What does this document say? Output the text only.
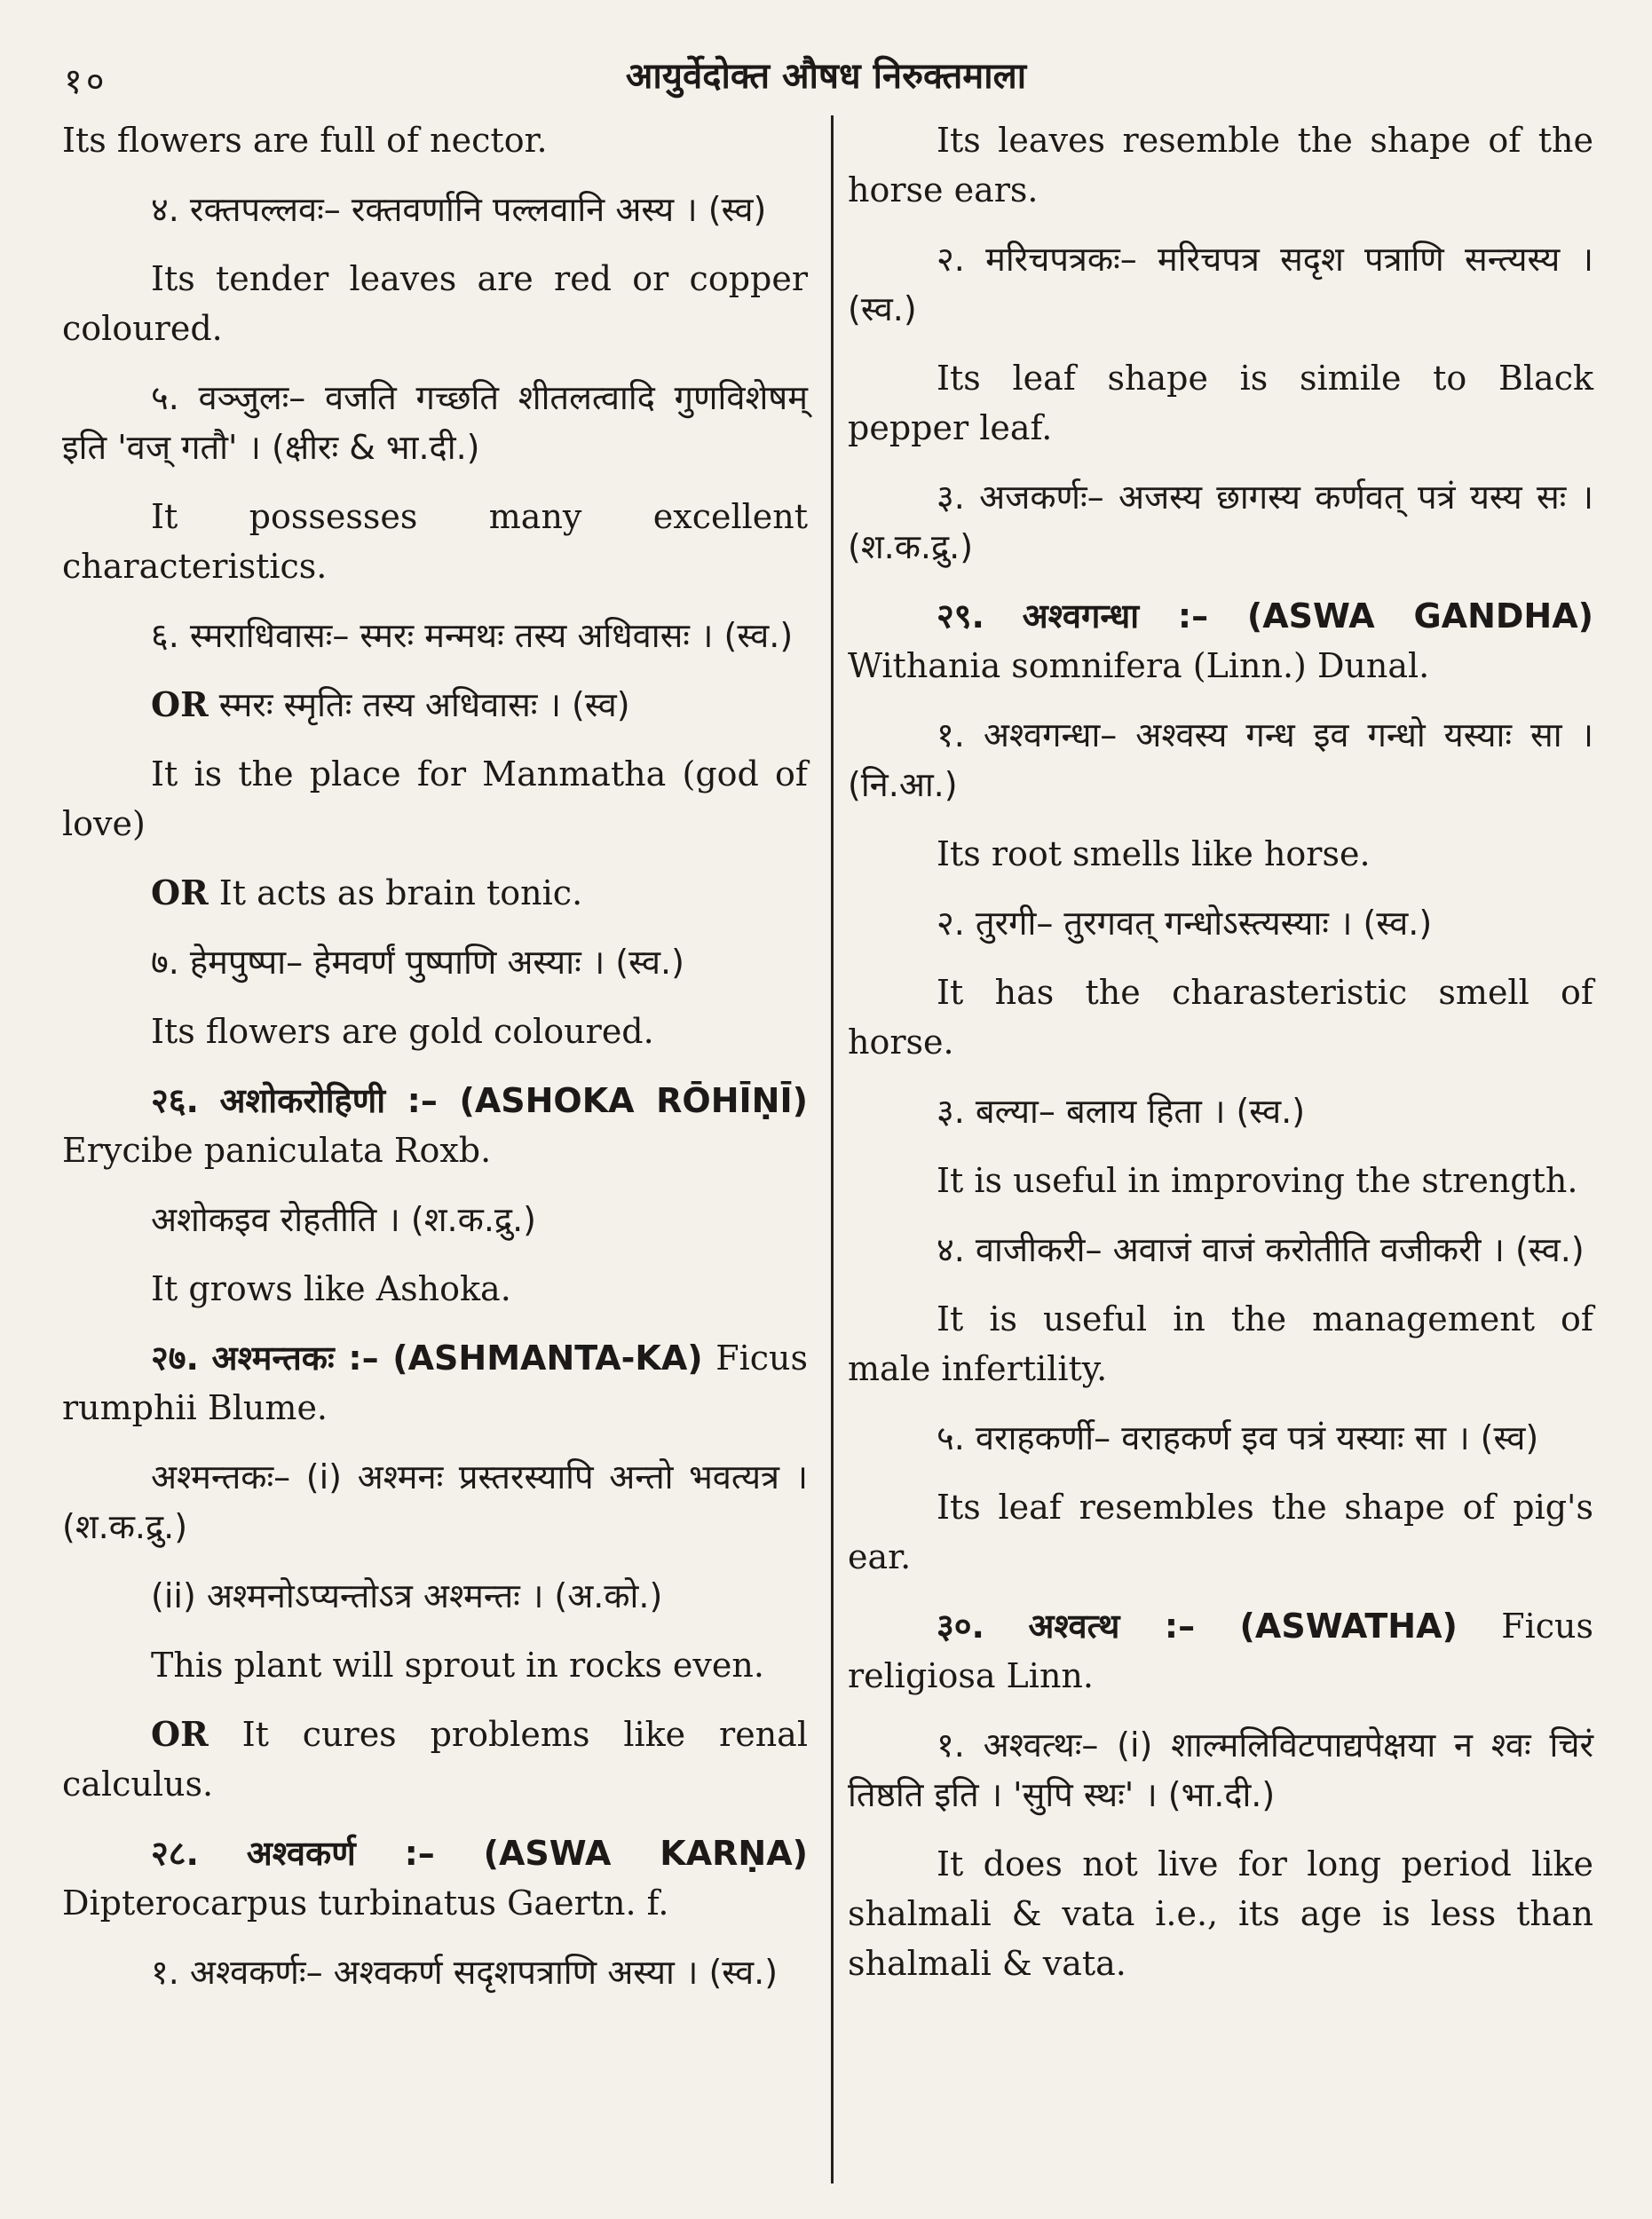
१०	आयुर्वेदोक्त औषध निरुक्तमाला

Its flowers are full of nector.

४. रक्तपल्लवः– रक्तवर्णानि पल्लवानि अस्य । (स्व)

Its tender leaves are red or copper coloured.

५. वञ्जुलः– वजति गच्छति शीतलत्वादि गुणविशेषम् इति 'वज् गतौ' । (क्षीरः & भा.दी.)

It possesses many excellent characteristics.

६. स्मराधिवासः– स्मरः मन्मथः तस्य अधिवासः । (स्व.)

OR स्मरः स्मृतिः तस्य अधिवासः । (स्व)

It is the place for Manmatha (god of love)

OR It acts as brain tonic.

७. हेमपुष्पा– हेमवर्णं पुष्पाणि अस्याः । (स्व.)

Its flowers are gold coloured.

२६. अशोकरोहिणी :– (ASHOKA RŌHĪṆĪ) Erycibe paniculata Roxb.

अशोकइव रोहतीति । (श.क.द्रु.)

It grows like Ashoka.

२७. अश्मन्तकः :– (ASHMANTA-KA) Ficus rumphii Blume.

अश्मन्तकः– (i) अश्मनः प्रस्तरस्यापि अन्तो भवत्यत्र । (श.क.द्रु.)

(ii) अश्मनोऽप्यन्तोऽत्र अश्मन्तः । (अ.को.)

This plant will sprout in rocks even.

OR It cures problems like renal calculus.

२८. अश्वकर्ण :– (ASWA KARṆA) Dipterocarpus turbinatus Gaertn. f.

१. अश्वकर्णः– अश्वकर्ण सदृशपत्राणि अस्या । (स्व.)

Its leaves resemble the shape of the horse ears.

२. मरिचपत्रकः– मरिचपत्र सदृश पत्राणि सन्त्यस्य । (स्व.)

Its leaf shape is simile to Black pepper leaf.

३. अजकर्णः– अजस्य छागस्य कर्णवत् पत्रं यस्य सः । (श.क.द्रु.)

२९. अश्वगन्धा :– (ASWA GANDHA) Withania somnifera (Linn.) Dunal.

१. अश्वगन्धा– अश्वस्य गन्ध इव गन्धो यस्याः सा । (नि.आ.)

Its root smells like horse.

२. तुरगी– तुरगवत् गन्धोऽस्त्यस्याः । (स्व.)

It has the charasteristic smell of horse.

३. बल्या– बलाय हिता । (स्व.)

It is useful in improving the strength.

४. वाजीकरी– अवाजं वाजं करोतीति वजीकरी । (स्व.)

It is useful in the management of male infertility.

५. वराहकर्णी– वराहकर्ण इव पत्रं यस्याः सा । (स्व)

Its leaf resembles the shape of pig's ear.

३०. अश्वत्थ :– (ASWATHA) Ficus religiosa Linn.

१. अश्वत्थः– (i) शाल्मलिविटपाद्यपेक्षया न श्वः चिरं तिष्ठति इति । 'सुपि स्थः' । (भा.दी.)

It does not live for long period like shalmali & vata i.e., its age is less than shalmali & vata.
